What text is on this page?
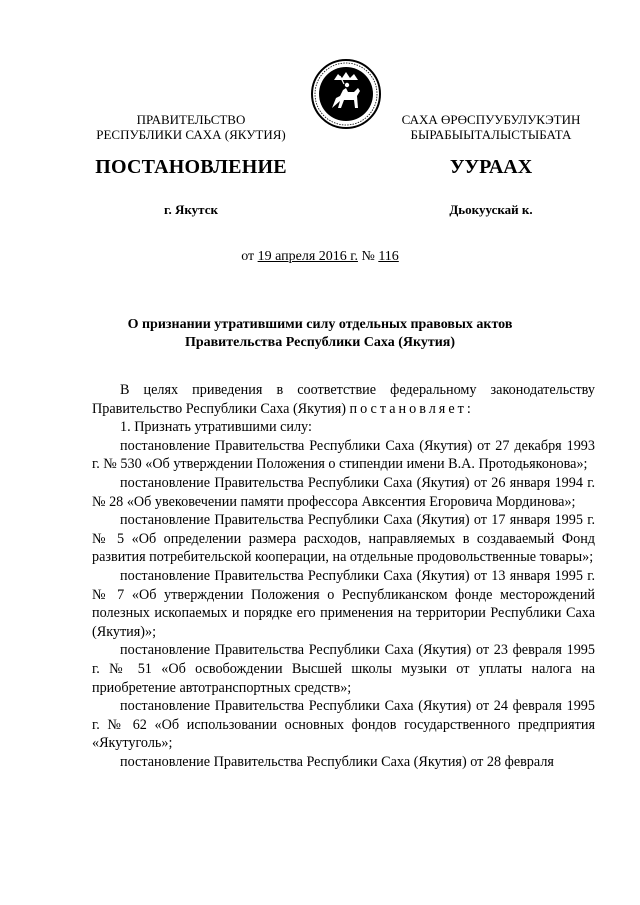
ПРАВИТЕЛЬСТВО
РЕСПУБЛИКИ САХА (ЯКУТИЯ)
САХА ӨРӨСПУУБУЛУКЭТИН
БЫРАБЫЫТАЛЫСТЫБАТА
ПОСТАНОВЛЕНИЕ	УУРААХ
г. Якутск	Дьокуускай к.
от 19 апреля 2016 г. № 116
О признании утратившими силу отдельных правовых актов
Правительства Республики Саха (Якутия)

В целях приведения в соответствие федеральному законодательству Правительство Республики Саха (Якутия) постановляет:

1. Признать утратившими силу:

постановление Правительства Республики Саха (Якутия) от 27 декабря 1993 г. № 530 «Об утверждении Положения о стипендии имени В.А. Протодьяконова»;

постановление Правительства Республики Саха (Якутия) от 26 января 1994 г. № 28 «Об увековечении памяти профессора Авксентия Егоровича Мординова»;

постановление Правительства Республики Саха (Якутия) от 17 января 1995 г. № 5 «Об определении размера расходов, направляемых в создаваемый Фонд развития потребительской кооперации, на отдельные продовольственные товары»;

постановление Правительства Республики Саха (Якутия) от 13 января 1995 г. № 7 «Об утверждении Положения о Республиканском фонде месторождений полезных ископаемых и порядке его применения на территории Республики Саха (Якутия)»;

постановление Правительства Республики Саха (Якутия) от 23 февраля 1995 г. № 51 «Об освобождении Высшей школы музыки от уплаты налога на приобретение автотранспортных средств»;

постановление Правительства Республики Саха (Якутия) от 24 февраля 1995 г. № 62 «Об использовании основных фондов государственного предприятия «Якутуголь»;

постановление Правительства Республики Саха (Якутия) от 28 февраля
